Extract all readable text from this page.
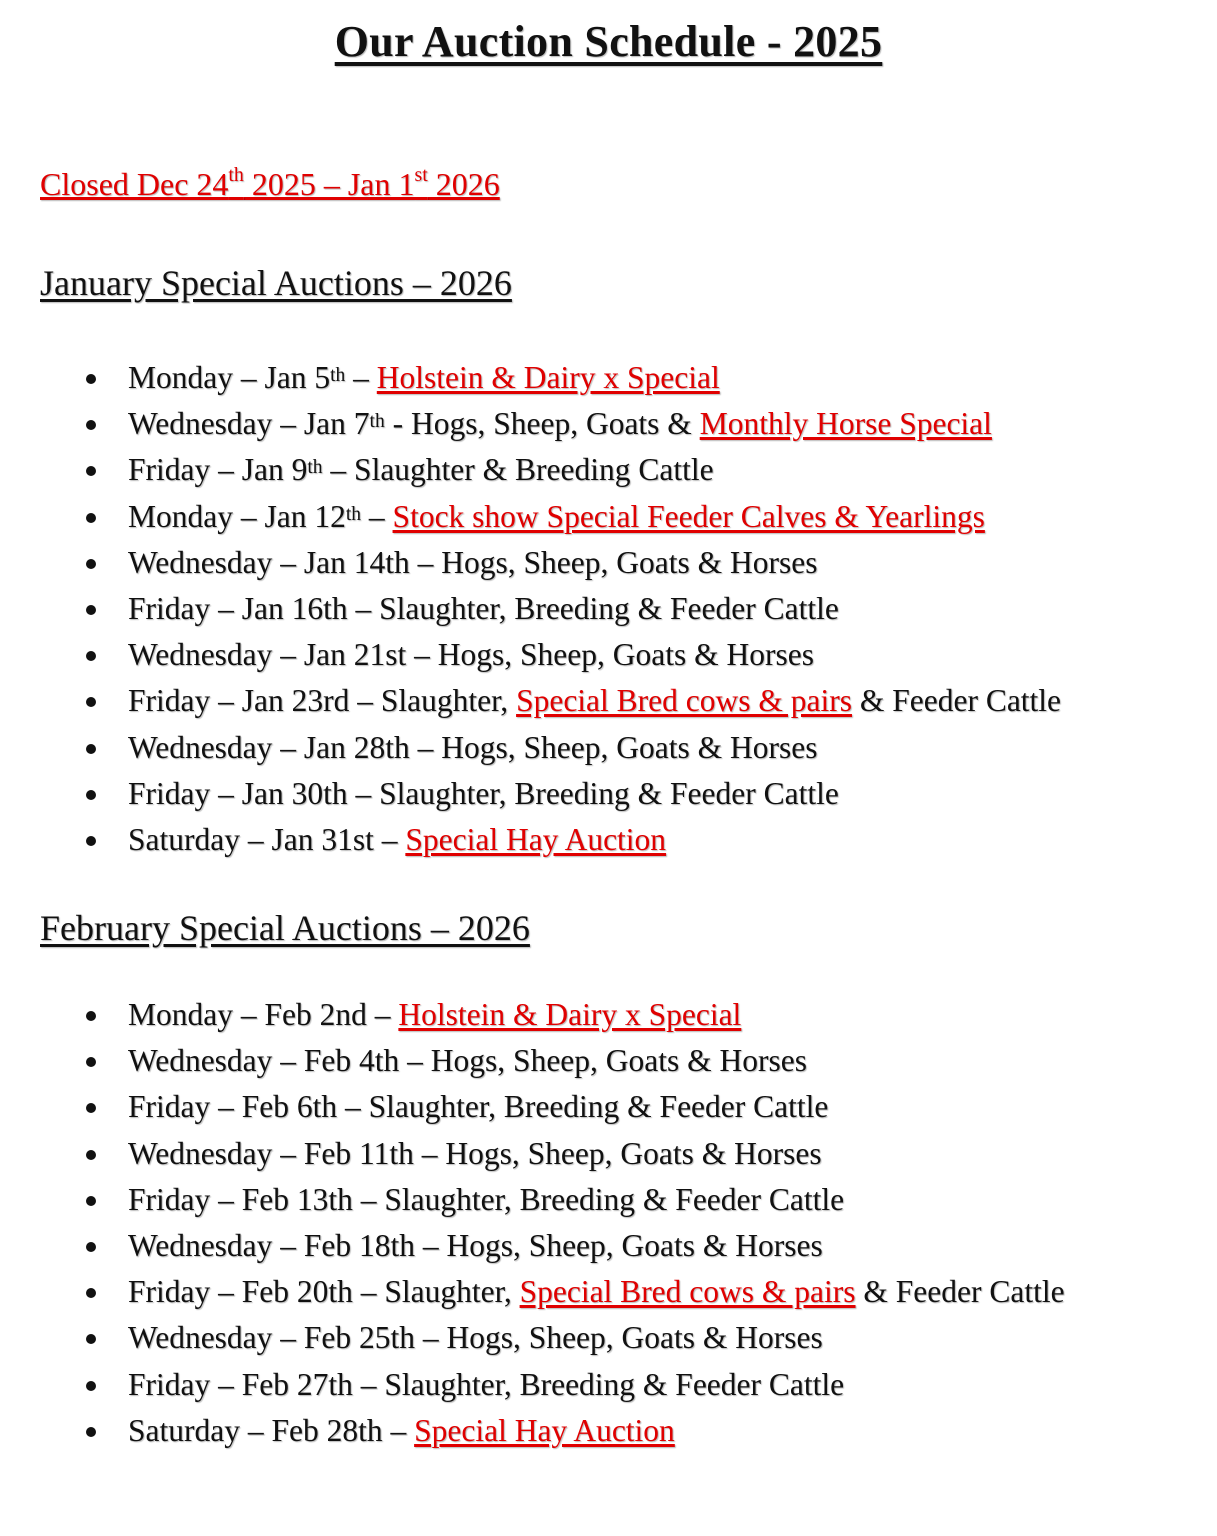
Our Auction Schedule - 2025

Closed Dec 24th 2025 – Jan 1st 2026

January Special Auctions – 2026
Monday – Jan 5th – Holstein & Dairy x Special
Wednesday – Jan 7th - Hogs, Sheep, Goats & Monthly Horse Special
Friday – Jan 9th – Slaughter & Breeding Cattle
Monday – Jan 12th – Stock show Special Feeder Calves & Yearlings
Wednesday – Jan 14th – Hogs, Sheep, Goats & Horses
Friday – Jan 16th – Slaughter, Breeding & Feeder Cattle
Wednesday – Jan 21st – Hogs, Sheep, Goats & Horses
Friday – Jan 23rd – Slaughter, Special Bred cows & pairs & Feeder Cattle
Wednesday – Jan 28th – Hogs, Sheep, Goats & Horses
Friday – Jan 30th – Slaughter, Breeding & Feeder Cattle
Saturday – Jan 31st – Special Hay Auction
February Special Auctions – 2026
Monday – Feb 2nd – Holstein & Dairy x Special
Wednesday – Feb 4th – Hogs, Sheep, Goats & Horses
Friday – Feb 6th – Slaughter, Breeding & Feeder Cattle
Wednesday – Feb 11th – Hogs, Sheep, Goats & Horses
Friday – Feb 13th – Slaughter, Breeding & Feeder Cattle
Wednesday – Feb 18th – Hogs, Sheep, Goats & Horses
Friday – Feb 20th – Slaughter, Special Bred cows & pairs & Feeder Cattle
Wednesday – Feb 25th – Hogs, Sheep, Goats & Horses
Friday – Feb 27th – Slaughter, Breeding & Feeder Cattle
Saturday – Feb 28th – Special Hay Auction
